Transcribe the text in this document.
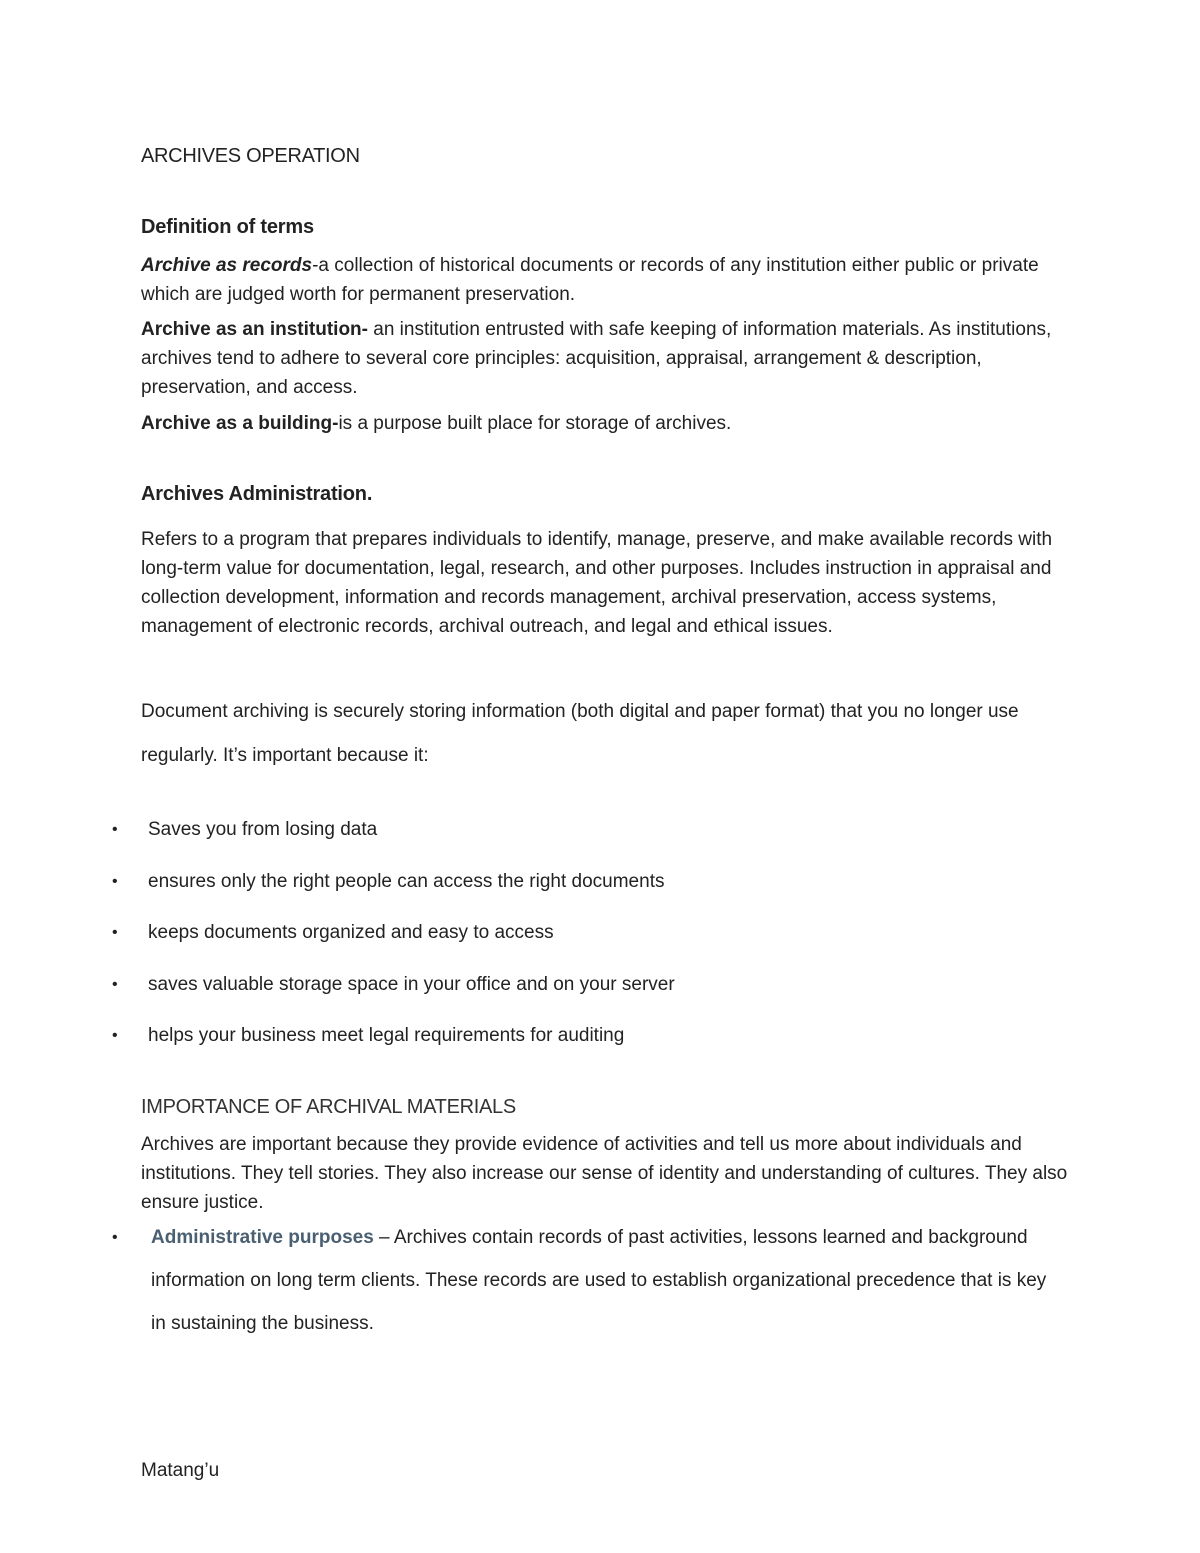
ARCHIVES OPERATION

Definition of terms

Archive as records-a collection of historical documents or records of any institution either public or private which are judged worth for permanent preservation.

Archive as an institution- an institution entrusted with safe keeping of information materials. As institutions, archives tend to adhere to several core principles: acquisition, appraisal, arrangement & description, preservation, and access.

Archive as a building-is a purpose built place for storage of archives.

Archives Administration.

Refers to a program that prepares individuals to identify, manage, preserve, and make available records with long-term value for documentation, legal, research, and other purposes. Includes instruction in appraisal and collection development, information and records management, archival preservation, access systems, management of electronic records, archival outreach, and legal and ethical issues.

Document archiving is securely storing information (both digital and paper format) that you no longer use regularly. It’s important because it:

• Saves you from losing data
• ensures only the right people can access the right documents
• keeps documents organized and easy to access
• saves valuable storage space in your office and on your server
• helps your business meet legal requirements for auditing

IMPORTANCE OF ARCHIVAL MATERIALS

Archives are important because they provide evidence of activities and tell us more about individuals and institutions. They tell stories. They also increase our sense of identity and understanding of cultures. They also ensure justice.

• Administrative purposes – Archives contain records of past activities, lessons learned and background information on long term clients. These records are used to establish organizational precedence that is key in sustaining the business.
Matang’u
